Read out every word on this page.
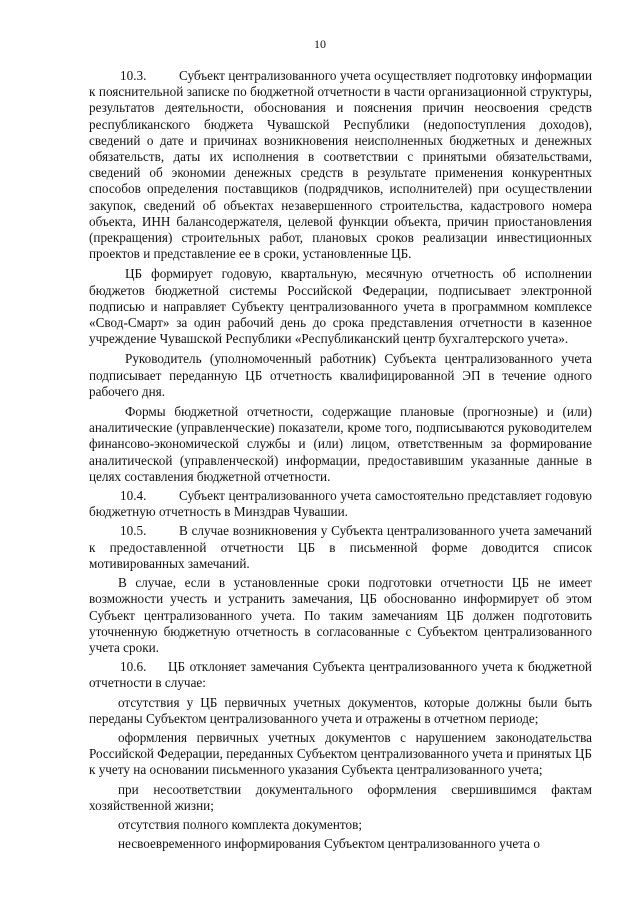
10

10.3. Субъект централизованного учета осуществляет подготовку информации к пояснительной записке по бюджетной отчетности в части организационной структуры, результатов деятельности, обоснования и пояснения причин неосвоения средств республиканского бюджета Чувашской Республики (недопоступления доходов), сведений о дате и причинах возникновения неисполненных бюджетных и денежных обязательств, даты их исполнения в соответствии с принятыми обязательствами, сведений об экономии денежных средств в результате применения конкурентных способов определения поставщиков (подрядчиков, исполнителей) при осуществлении закупок, сведений об объектах незавершенного строительства, кадастрового номера объекта, ИНН балансодержателя, целевой функции объекта, причин приостановления (прекращения) строительных работ, плановых сроков реализации инвестиционных проектов и представление ее в сроки, установленные ЦБ.

ЦБ формирует годовую, квартальную, месячную отчетность об исполнении бюджетов бюджетной системы Российской Федерации, подписывает электронной подписью и направляет Субъекту централизованного учета в программном комплексе «Свод-Смарт» за один рабочий день до срока представления отчетности в казенное учреждение Чувашской Республики «Республиканский центр бухгалтерского учета».

Руководитель (уполномоченный работник) Субъекта централизованного учета подписывает переданную ЦБ отчетность квалифицированной ЭП в течение одного рабочего дня.

Формы бюджетной отчетности, содержащие плановые (прогнозные) и (или) аналитические (управленческие) показатели, кроме того, подписываются руководителем финансово-экономической службы и (или) лицом, ответственным за формирование аналитической (управленческой) информации, предоставившим указанные данные в целях составления бюджетной отчетности.

10.4. Субъект централизованного учета самостоятельно представляет годовую бюджетную отчетность в Минздрав Чувашии.

10.5. В случае возникновения у Субъекта централизованного учета замечаний к предоставленной отчетности ЦБ в письменной форме доводится список мотивированных замечаний.

В случае, если в установленные сроки подготовки отчетности ЦБ не имеет возможности учесть и устранить замечания, ЦБ обоснованно информирует об этом Субъект централизованного учета. По таким замечаниям ЦБ должен подготовить уточненную бюджетную отчетность в согласованные с Субъектом централизованного учета сроки.

10.6. ЦБ отклоняет замечания Субъекта централизованного учета к бюджетной отчетности в случае:

отсутствия у ЦБ первичных учетных документов, которые должны были быть переданы Субъектом централизованного учета и отражены в отчетном периоде;

оформления первичных учетных документов с нарушением законодательства Российской Федерации, переданных Субъектом централизованного учета и принятых ЦБ к учету на основании письменного указания Субъекта централизованного учета;

при несоответствии документального оформления свершившимся фактам хозяйственной жизни;

отсутствия полного комплекта документов;

несвоевременного информирования Субъектом централизованного учета о
